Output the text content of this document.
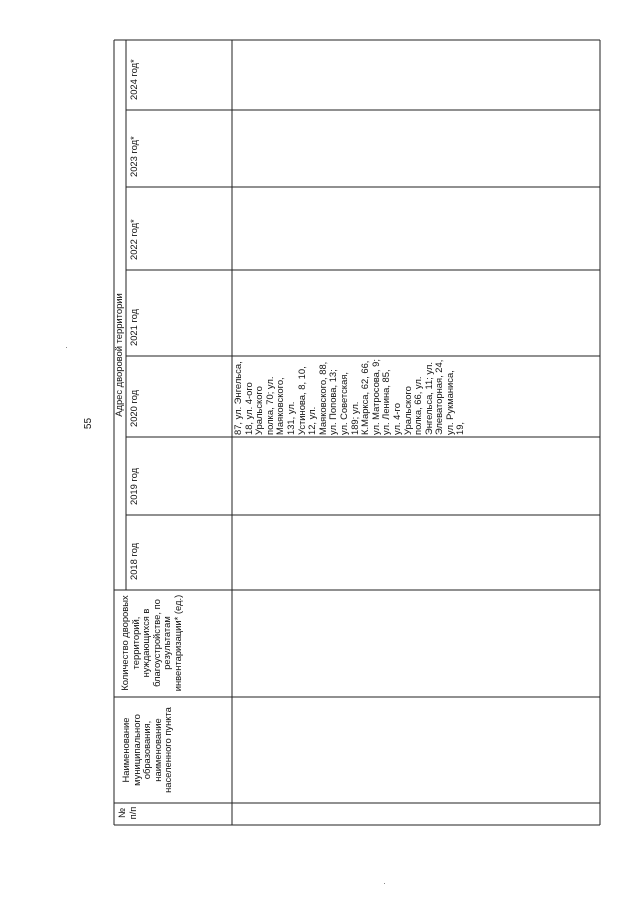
55
№ п/п
Наименование муниципального образования, наименование населенного пункта
Количество дворовых территорий, нуждающихся в благоустройстве, по результатам инвентаризации* (ед.)
Адрес дворовой территории
2018 год
2019 год
2020 год
2021 год
2022 год*
2023 год*
2024 год*
87, ул. Энгельса, 18, ул. 4-ого Уральского полка, 70; ул. Маяковского, 131, ул. Устинова, 8, 10, 12, ул. Маяковского, 88, ул. Попова, 13; ул. Советская, 189; ул. К.Маркса, 62, 66, ул. Матросова, 9; ул. Ленина, 85, ул. 4-го Уральского полка, 66, ул. Энгельса, 11; ул. Элеваторная, 24, ул. Рукманиса, 19,
